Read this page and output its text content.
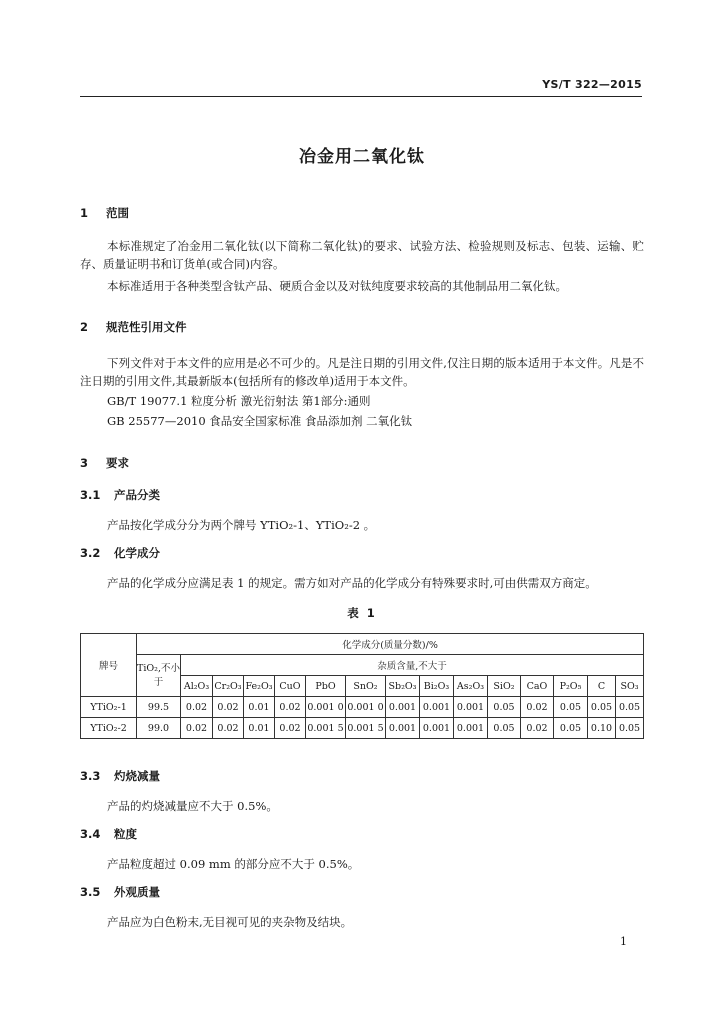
YS/T 322—2015
冶金用二氧化钛
1 范围
本标准规定了冶金用二氧化钛(以下简称二氧化钛)的要求、试验方法、检验规则及标志、包装、运输、贮存、质量证明书和订货单(或合同)内容。
本标准适用于各种类型含钛产品、硬质合金以及对钛纯度要求较高的其他制品用二氧化钛。
2 规范性引用文件
下列文件对于本文件的应用是必不可少的。凡是注日期的引用文件,仅注日期的版本适用于本文件。凡是不注日期的引用文件,其最新版本(包括所有的修改单)适用于本文件。
GB/T 19077.1 粒度分析 激光衍射法 第1部分:通则
GB 25577—2010 食品安全国家标准 食品添加剂 二氧化钛
3 要求
3.1 产品分类
产品按化学成分分为两个牌号 YTiO₂-1、YTiO₂-2 。
3.2 化学成分
产品的化学成分应满足表 1 的规定。需方如对产品的化学成分有特殊要求时,可由供需双方商定。
表 1
牌号	化学成分(质量分数)/%														
	TiO₂,不小于	杂质含量,不大于													
		Al₂O₃	Cr₂O₃	Fe₂O₃	CuO	PbO	SnO₂	Sb₂O₃	Bi₂O₃	As₂O₃	SiO₂	CaO	P₂O₅	C	SO₃
YTiO₂-1	99.5	0.02	0.02	0.01	0.02	0.001 0	0.001 0	0.001	0.001	0.001	0.05	0.02	0.05	0.05	0.05
YTiO₂-2	99.0	0.02	0.02	0.01	0.02	0.001 5	0.001 5	0.001	0.001	0.001	0.05	0.02	0.05	0.10	0.05
3.3 灼烧减量
产品的灼烧减量应不大于 0.5%。
3.4 粒度
产品粒度超过 0.09 mm 的部分应不大于 0.5%。
3.5 外观质量
产品应为白色粉末,无目视可见的夹杂物及结块。
1
